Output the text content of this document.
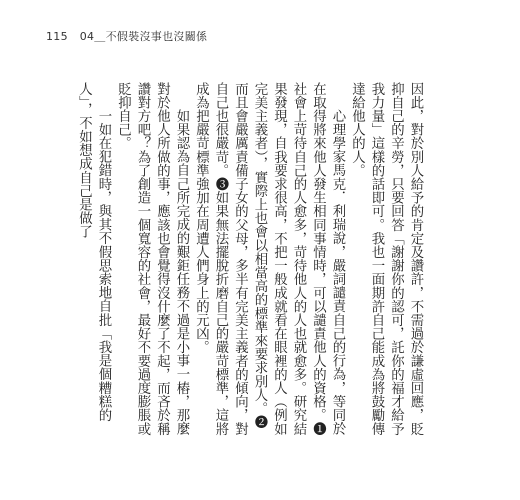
115 04＿不假裝沒事也沒關係

因此，對於別人給予的肯定及讚許，不需過於謙虛回應，貶抑自己的辛勞，只要回答「謝謝你的認可，託你的福才給予我力量」這樣的話即可。我也一面期許自己能成為將鼓勵傳達給他人的人。

心理學家馬克．利瑞說，嚴詞譴責自己的行為，等同於在取得將來他人發生相同事情時，可以譴責他人的資格。❶社會上苛待自己的人愈多，苛待他人的人也就愈多。研究結果發現，自我要求很高，不把一般成就看在眼裡的人（例如完美主義者），實際上也會以相當高的標準來要求別人。❷而且會嚴厲責備子女的父母，多半有完美主義者的傾向，對自己也很嚴苛。❸如果無法擺脫折磨自己的嚴苛標準，這將成為把嚴苛標準強加在周遭人們身上的元凶。

如果認為自己所完成的艱鉅任務不過是小事一樁，那麼對於他人所做的事，應該也會覺得沒什麼了不起，而吝於稱讚對方吧？為了創造一個寬容的社會，最好不要過度膨脹或貶抑自己。

一如在犯錯時，與其不假思索地自批「我是個糟糕的人」，不如想成自己是做了
